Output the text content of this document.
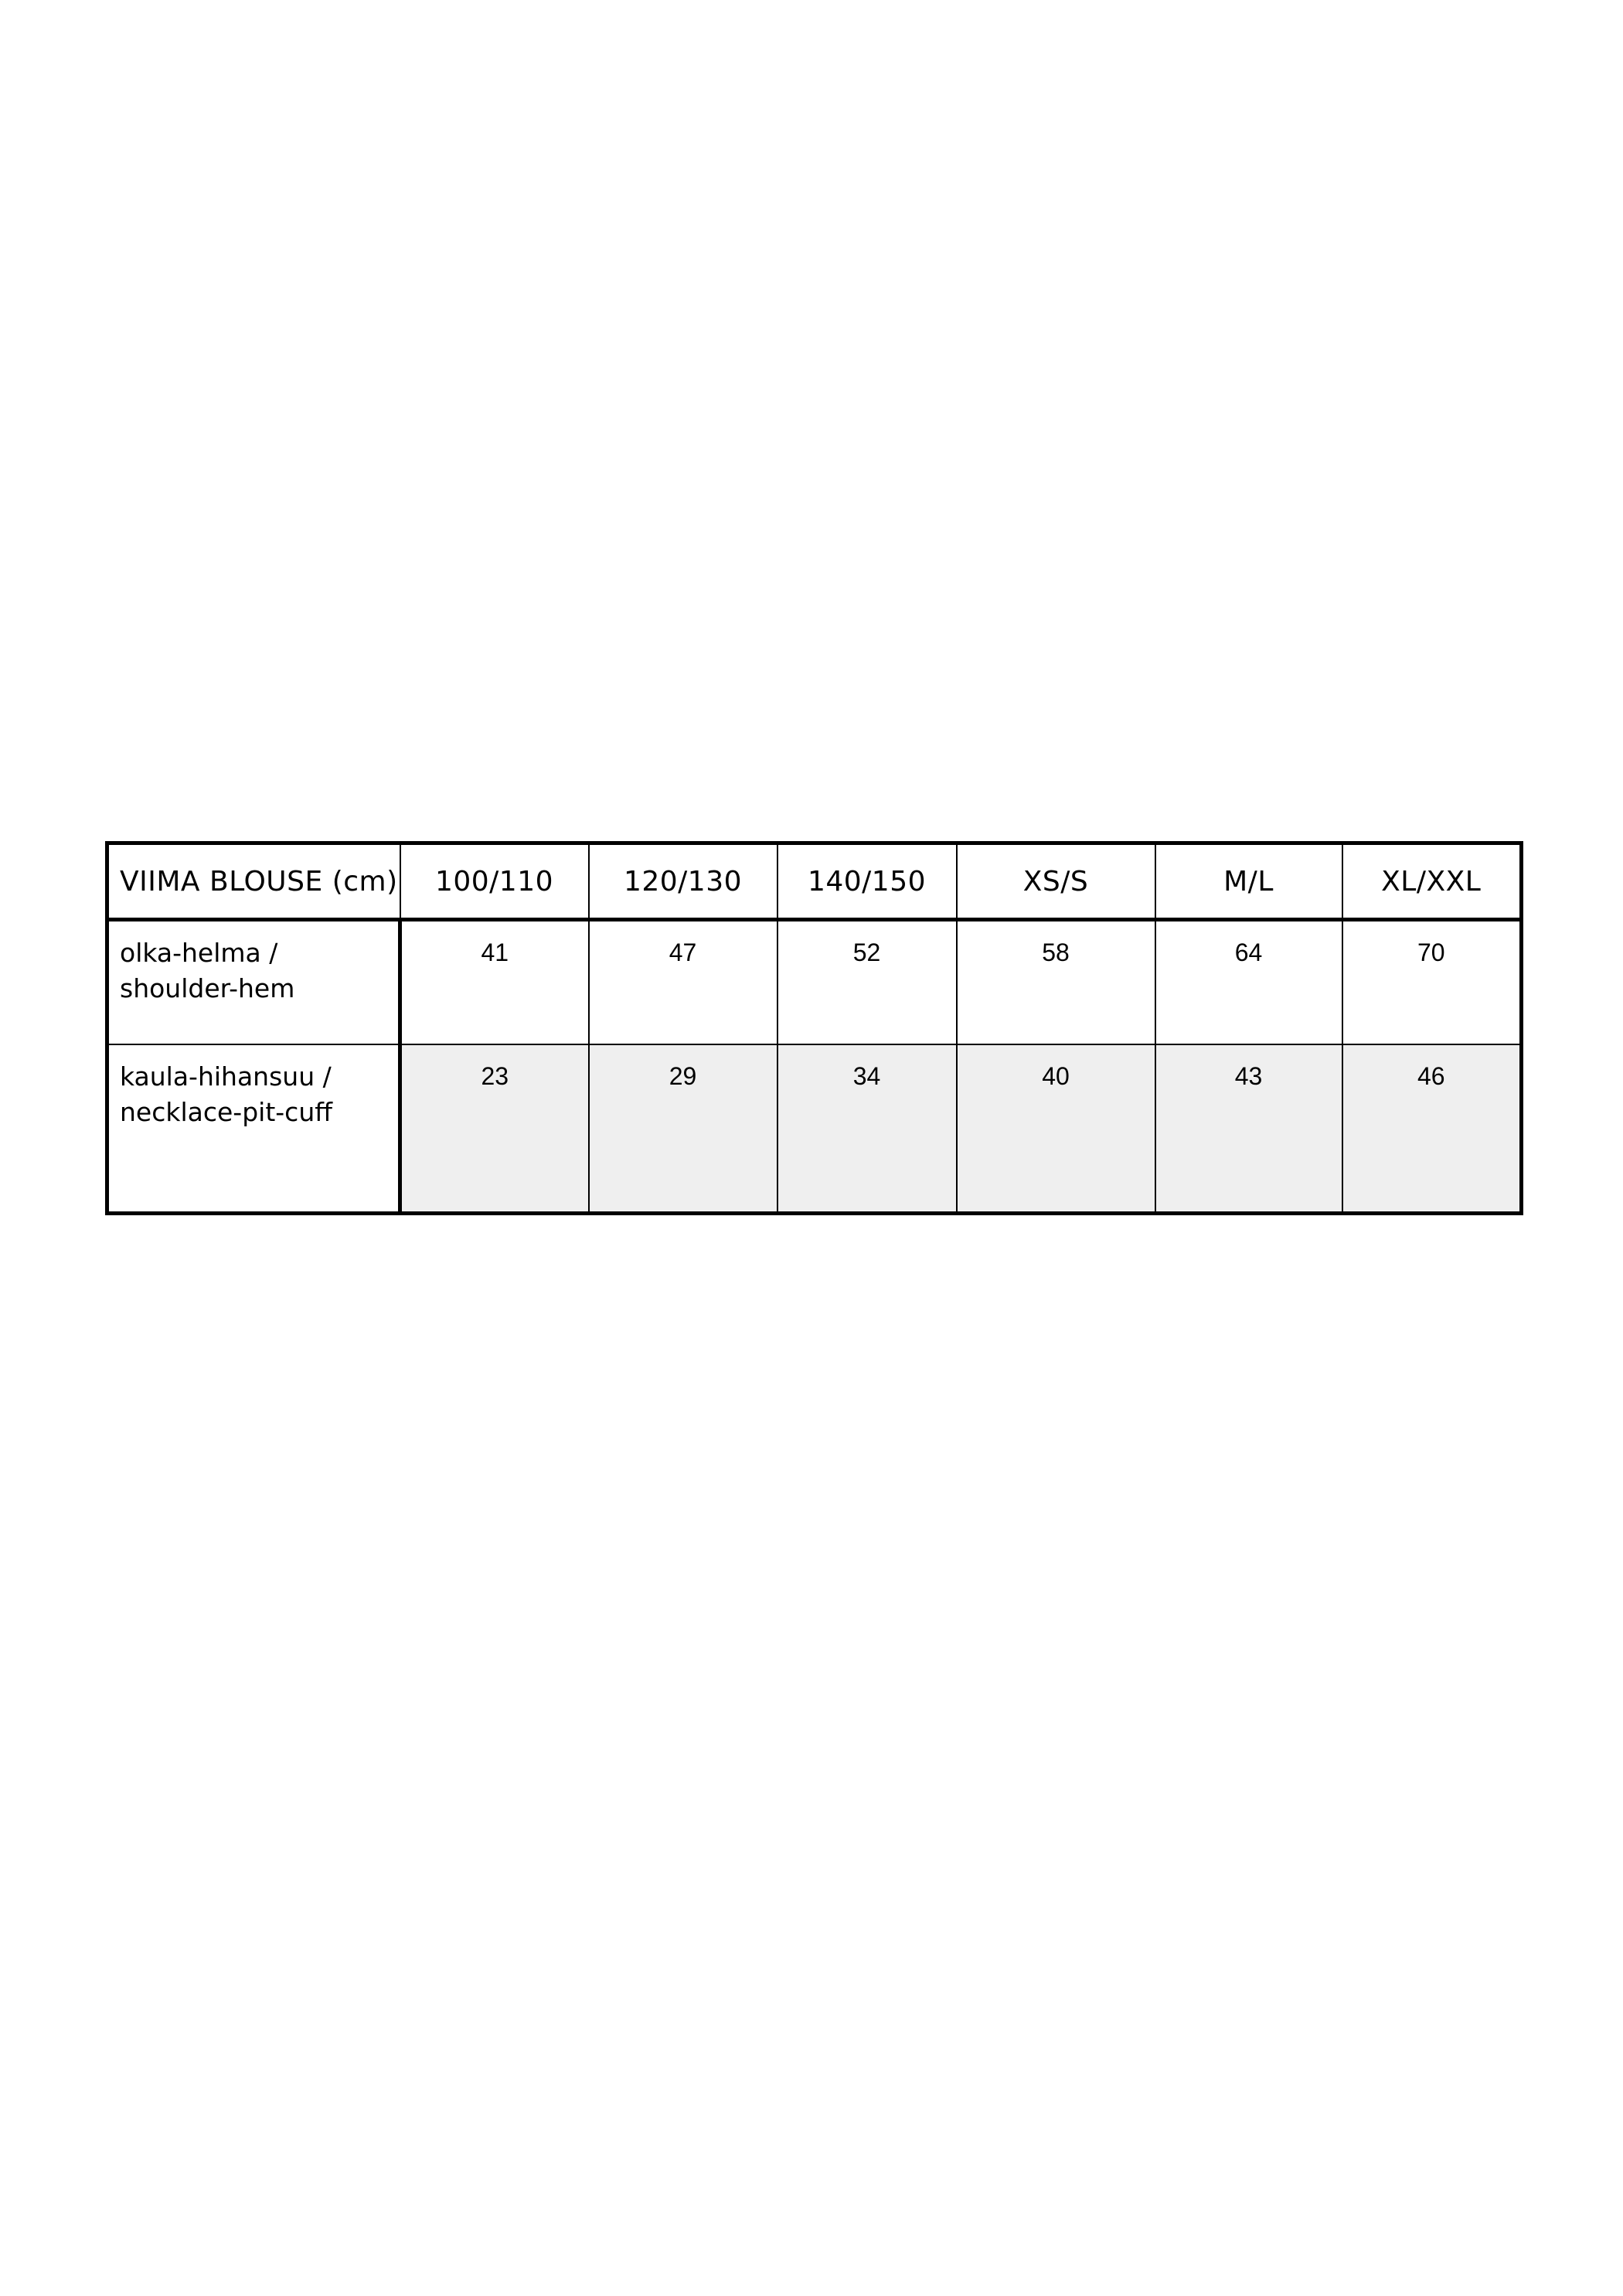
VIIMA BLOUSE (cm)	100/110	120/130	140/150	XS/S	M/L	XL/XXL

olka-helma /
shoulder-hem	41	47	52	58	64	70

kaula-hihansuu /
necklace-pit-cuff	23	29	34	40	43	46
